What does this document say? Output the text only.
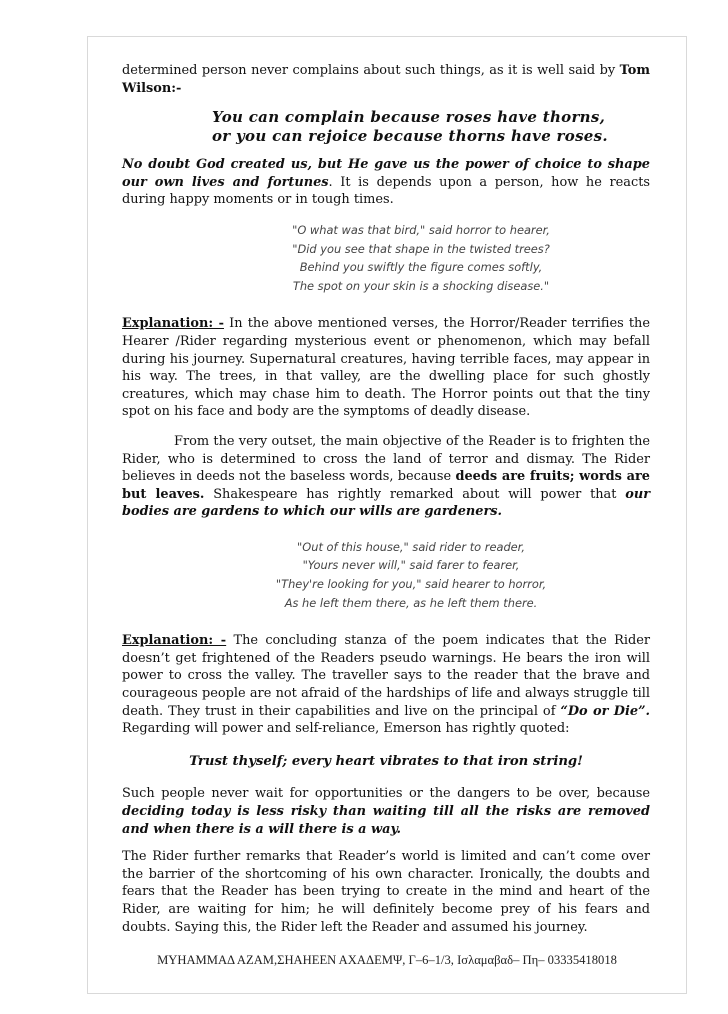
determined person never complains about such things, as it is well said by Tom Wilson:-

You can complain because roses have thorns,
or you can rejoice because thorns have roses.

No doubt God created us, but He gave us the power of choice to shape our own lives and fortunes. It is depends upon a person, how he reacts during happy moments or in tough times.

"O what was that bird," said horror to hearer,
"Did you see that shape in the twisted trees?
Behind you swiftly the figure comes softly,
The spot on your skin is a shocking disease."

Explanation: - In the above mentioned verses, the Horror/Reader terrifies the Hearer /Rider regarding mysterious event or phenomenon, which may befall during his journey. Supernatural creatures, having terrible faces, may appear in his way. The trees, in that valley, are the dwelling place for such ghostly creatures, which may chase him to death. The Horror points out that the tiny spot on his face and body are the symptoms of deadly disease.

From the very outset, the main objective of the Reader is to frighten the Rider, who is determined to cross the land of terror and dismay. The Rider believes in deeds not the baseless words, because deeds are fruits; words are but leaves. Shakespeare has rightly remarked about will power that our bodies are gardens to which our wills are gardeners.

"Out of this house," said rider to reader,
"Yours never will," said farer to fearer,
"They're looking for you," said hearer to horror,
As he left them there, as he left them there.

Explanation: - The concluding stanza of the poem indicates that the Rider doesn’t get frightened of the Readers pseudo warnings. He bears the iron will power to cross the valley. The traveller says to the reader that the brave and courageous people are not afraid of the hardships of life and always struggle till death. They trust in their capabilities and live on the principal of “Do or Die”. Regarding will power and self-reliance, Emerson has rightly quoted:

Trust thyself; every heart vibrates to that iron string!

Such people never wait for opportunities or the dangers to be over, because deciding today is less risky than waiting till all the risks are removed and when there is a will there is a way.

The Rider further remarks that Reader’s world is limited and can’t come over the barrier of the shortcoming of his own character. Ironically, the doubts and fears that the Reader has been trying to create in the mind and heart of the Rider, are waiting for him; he will definitely become prey of his fears and doubts. Saying this, the Rider left the Reader and assumed his journey.

ΜΥΗΑΜΜΑΔ ΑΖΑΜ,ΣΗΑΗΕΕΝ ΑΧΑΔΕΜΨ, Γ–6–1/3, Ισλαμαβαδ– Πη– 03335418018
